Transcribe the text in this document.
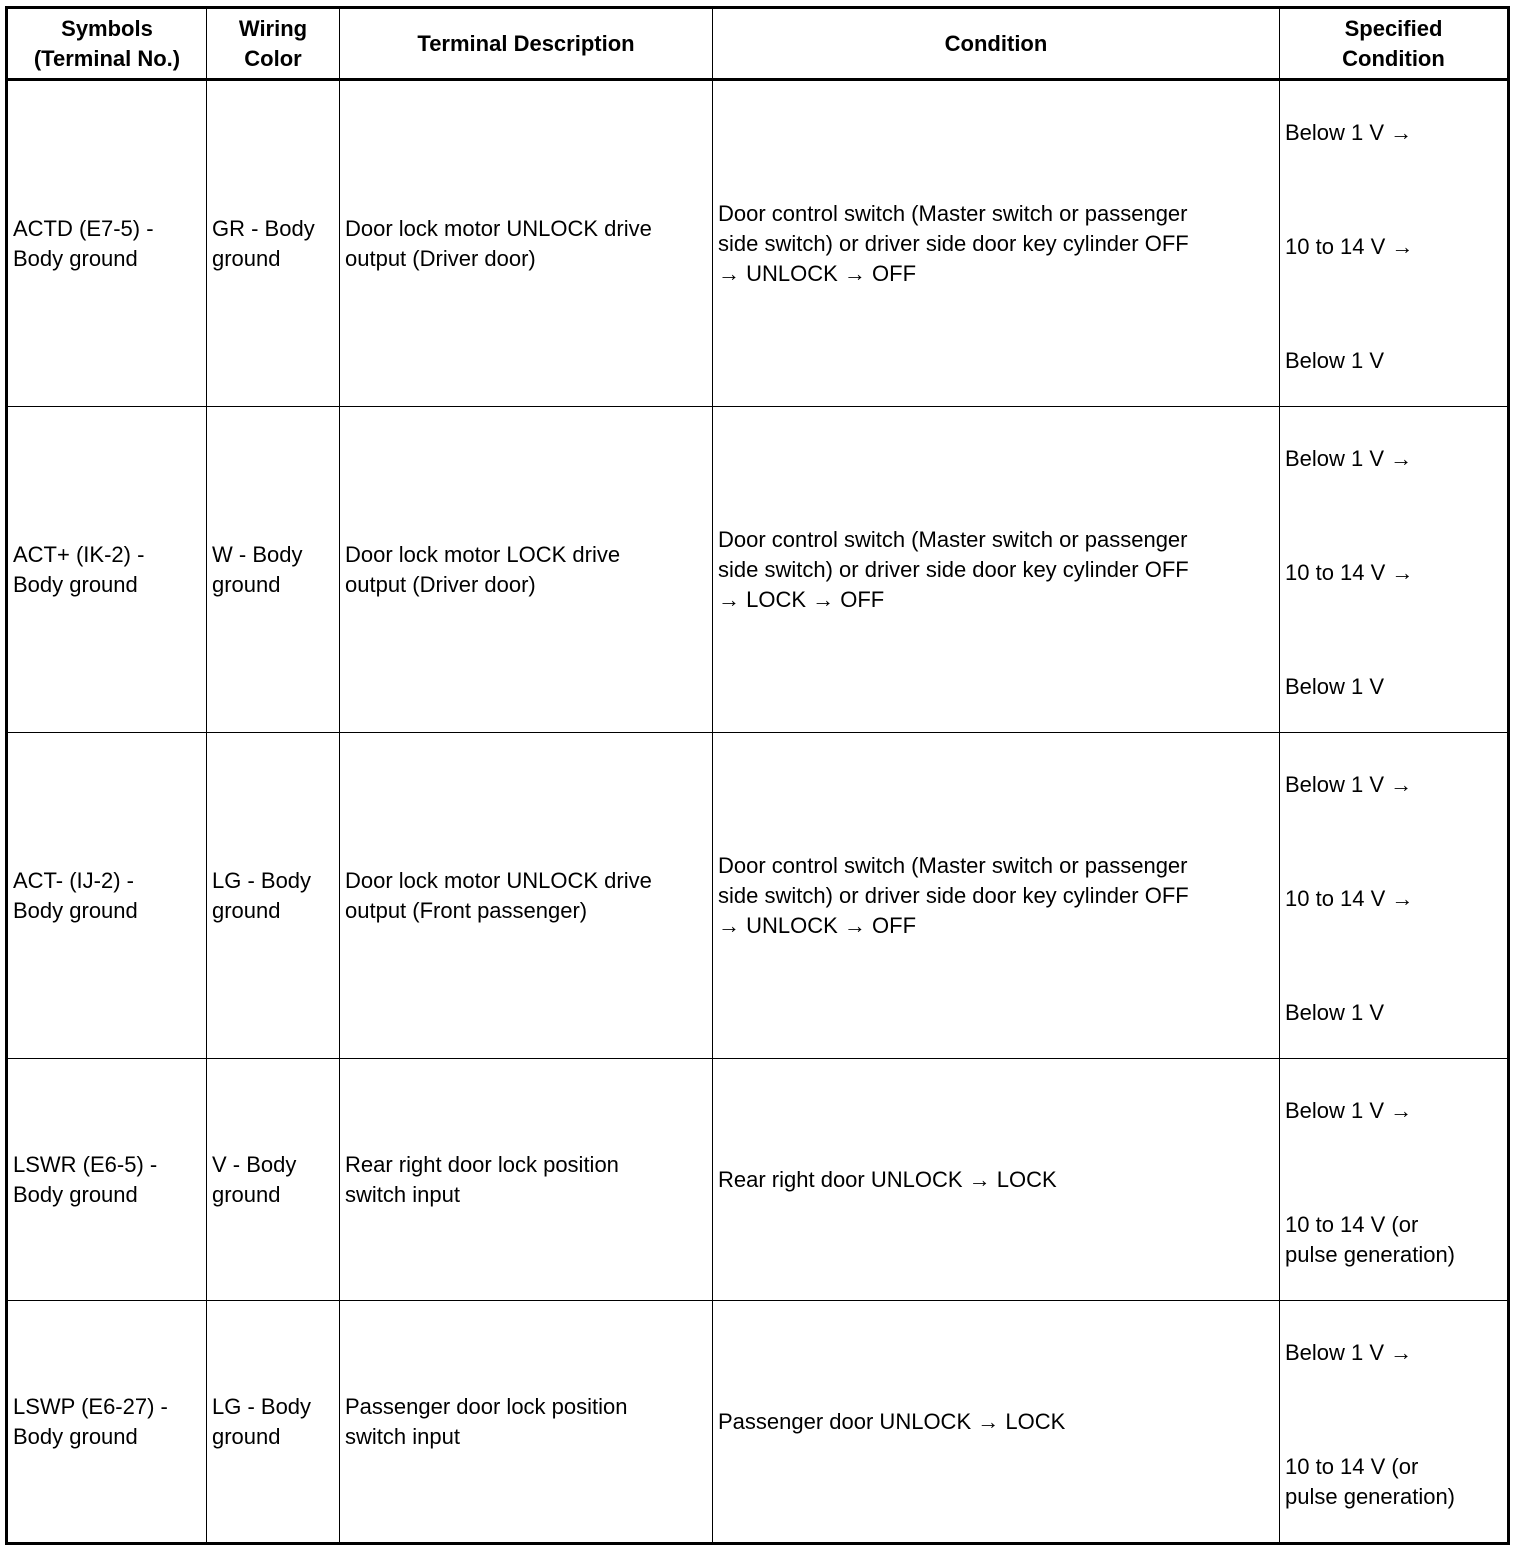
Symbols
(Terminal No.)	Wiring
Color	Terminal Description	Condition	Specified
Condition
ACTD (E7-5) -
Body ground	GR - Body
ground	Door lock motor UNLOCK drive
output (Driver door)	Door control switch (Master switch or passenger
side switch) or driver side door key cylinder OFF
→ UNLOCK → OFF	Below 1 V →

10 to 14 V →

Below 1 V

ACT+ (IK-2) -
Body ground	W - Body
ground	Door lock motor LOCK drive
output (Driver door)	Door control switch (Master switch or passenger
side switch) or driver side door key cylinder OFF
→ LOCK → OFF	Below 1 V →

10 to 14 V →

Below 1 V

ACT- (IJ-2) -
Body ground	LG - Body
ground	Door lock motor UNLOCK drive
output (Front passenger)	Door control switch (Master switch or passenger
side switch) or driver side door key cylinder OFF
→ UNLOCK → OFF	Below 1 V →

10 to 14 V →

Below 1 V

LSWR (E6-5) -
Body ground	V - Body
ground	Rear right door lock position
switch input	Rear right door UNLOCK → LOCK	Below 1 V →

10 to 14 V (or
pulse generation)

LSWP (E6-27) -
Body ground	LG - Body
ground	Passenger door lock position
switch input	Passenger door UNLOCK → LOCK	Below 1 V →

10 to 14 V (or
pulse generation)
